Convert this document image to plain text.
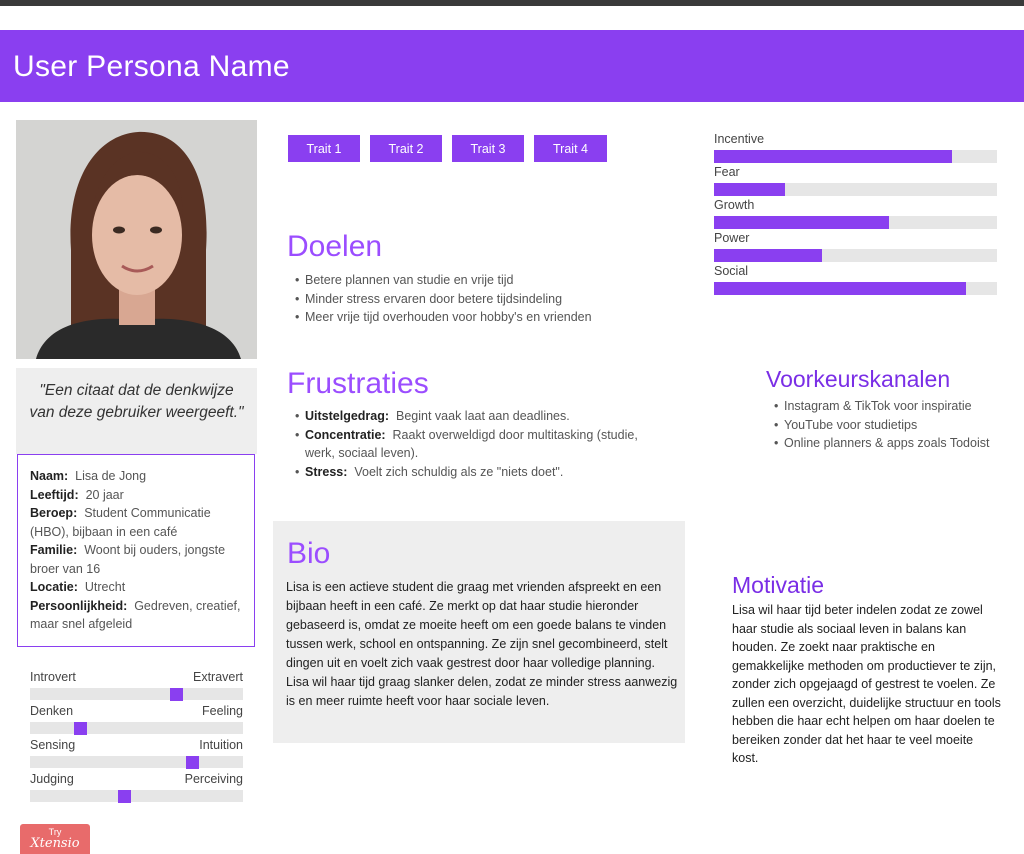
User Persona Name
"Een citaat dat de denkwijze van deze gebruiker weergeeft."
Naam: Lisa de Jong
Leeftijd: 20 jaar
Beroep: Student Communicatie (HBO), bijbaan in een café
Familie: Woont bij ouders, jongste broer van 16
Locatie: Utrecht
Persoonlijkheid: Gedreven, creatief, maar snel afgeleid
Introvert	Extravert
Denken	Feeling
Sensing	Intuition
Judging	Perceiving
Trait 1	Trait 2	Trait 3	Trait 4
Doelen
• Betere plannen van studie en vrije tijd
• Minder stress ervaren door betere tijdsindeling
• Meer vrije tijd overhouden voor hobby's en vrienden
Frustraties
• Uitstelgedrag: Begint vaak laat aan deadlines.
• Concentratie: Raakt overweldigd door multitasking (studie, werk, sociaal leven).
• Stress: Voelt zich schuldig als ze "niets doet".
Bio
Lisa is een actieve student die graag met vrienden afspreekt en een bijbaan heeft in een café. Ze merkt op dat haar studie hieronder gebaseerd is, omdat ze moeite heeft om een goede balans te vinden tussen werk, school en ontspanning. Ze zijn snel gecombineerd, stelt dingen uit en voelt zich vaak gestrest door haar volledige planning. Lisa wil haar tijd graag slanker delen, zodat ze minder stress aanwezig is en meer ruimte heeft voor haar sociale leven.
Incentive
Fear
Growth
Power
Social
Voorkeurskanalen
• Instagram & TikTok voor inspiratie
• YouTube voor studietips
• Online planners & apps zoals Todoist
Motivatie
Lisa wil haar tijd beter indelen zodat ze zowel haar studie als sociaal leven in balans kan houden. Ze zoekt naar praktische en gemakkelijke methoden om productiever te zijn, zonder zich opgejaagd of gestrest te voelen. Ze zullen een overzicht, duidelijke structuur en tools hebben die haar echt helpen om haar doelen te bereiken zonder dat het haar te veel moeite kost.
Try
Xtensio
